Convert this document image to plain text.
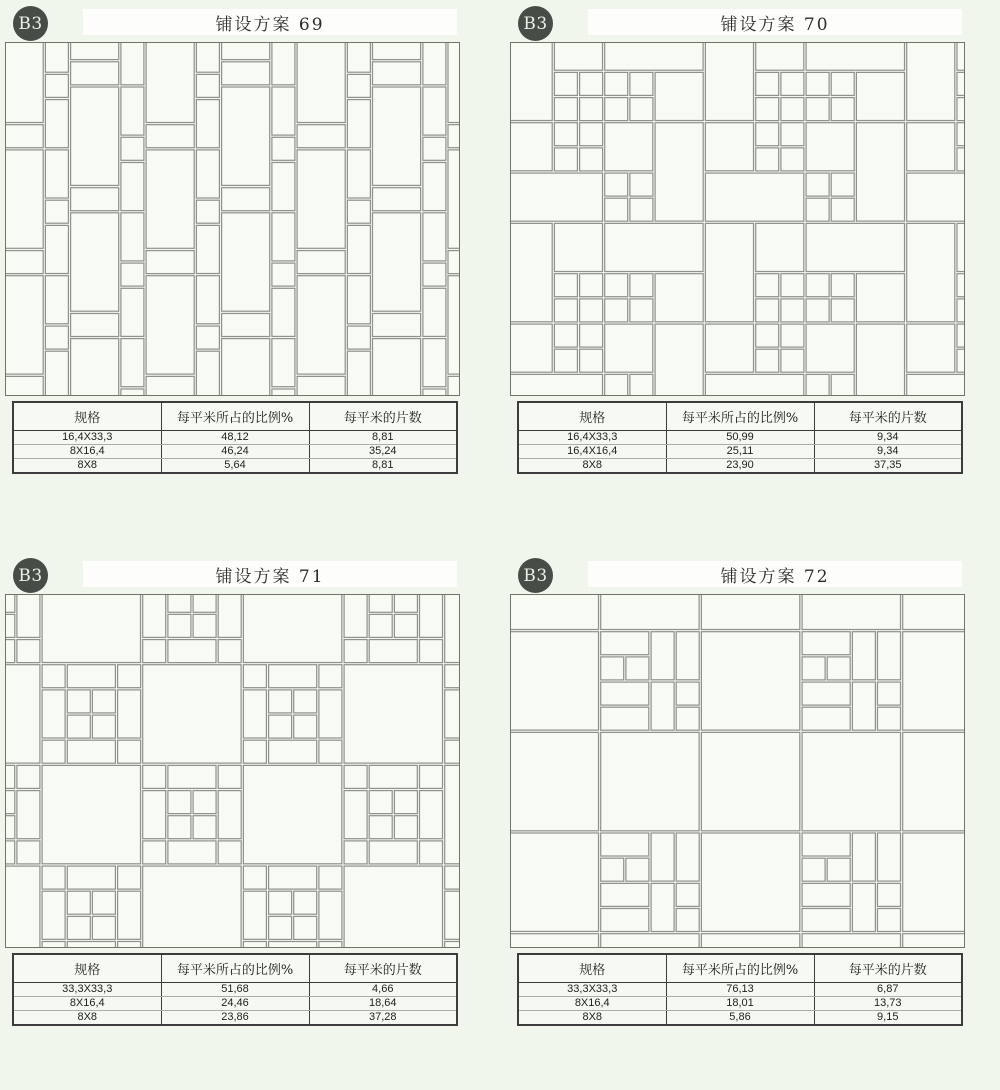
B3	铺设方案 69
规格	每平米所占的比例%	每平米的片数
16,4X33,3	48,12	8,81
8X16,4	46,24	35,24
8X8	5,64	8,81
B3	铺设方案 70
规格	每平米所占的比例%	每平米的片数
16,4X33,3	50,99	9,34
16,4X16,4	25,11	9,34
8X8	23,90	37,35
B3	铺设方案 71
规格	每平米所占的比例%	每平米的片数
33,3X33,3	51,68	4,66
8X16,4	24,46	18,64
8X8	23,86	37,28
B3	铺设方案 72
规格	每平米所占的比例%	每平米的片数
33,3X33,3	76,13	6,87
8X16,4	18,01	13,73
8X8	5,86	9,15
